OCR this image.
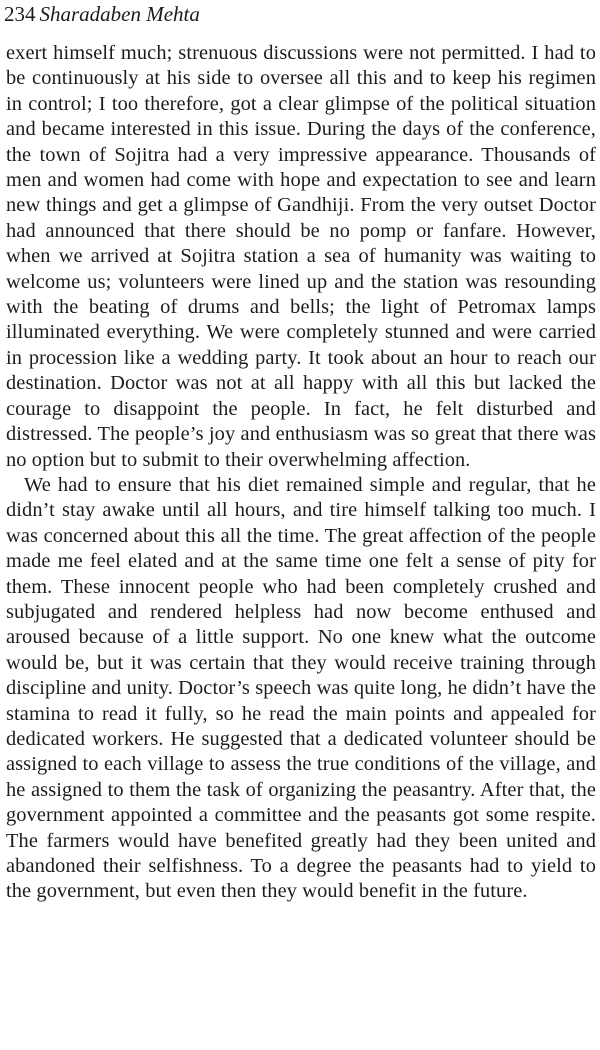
234 Sharadaben Mehta

exert himself much; strenuous discussions were not permitted. I had to be continuously at his side to oversee all this and to keep his regimen in control; I too therefore, got a clear glimpse of the political situation and became interested in this issue. During the days of the conference, the town of Sojitra had a very impressive appearance. Thousands of men and women had come with hope and expectation to see and learn new things and get a glimpse of Gandhiji. From the very outset Doctor had announced that there should be no pomp or fanfare. However, when we arrived at Sojitra station a sea of humanity was waiting to welcome us; volunteers were lined up and the station was resounding with the beating of drums and bells; the light of Petromax lamps illuminated everything. We were completely stunned and were carried in procession like a wedding party. It took about an hour to reach our destination. Doctor was not at all happy with all this but lacked the courage to disappoint the people. In fact, he felt disturbed and distressed. The people’s joy and enthusiasm was so great that there was no option but to submit to their overwhelming affection.

We had to ensure that his diet remained simple and regular, that he didn’t stay awake until all hours, and tire himself talking too much. I was concerned about this all the time. The great affection of the people made me feel elated and at the same time one felt a sense of pity for them. These innocent people who had been completely crushed and subjugated and rendered helpless had now become enthused and aroused because of a little support. No one knew what the outcome would be, but it was certain that they would receive training through discipline and unity. Doctor’s speech was quite long, he didn’t have the stamina to read it fully, so he read the main points and appealed for dedicated workers. He suggested that a dedicated volunteer should be assigned to each village to assess the true conditions of the village, and he assigned to them the task of organizing the peasantry. After that, the government appointed a committee and the peasants got some respite. The farmers would have benefited greatly had they been united and abandoned their selfishness. To a degree the peasants had to yield to the government, but even then they would benefit in the future.
